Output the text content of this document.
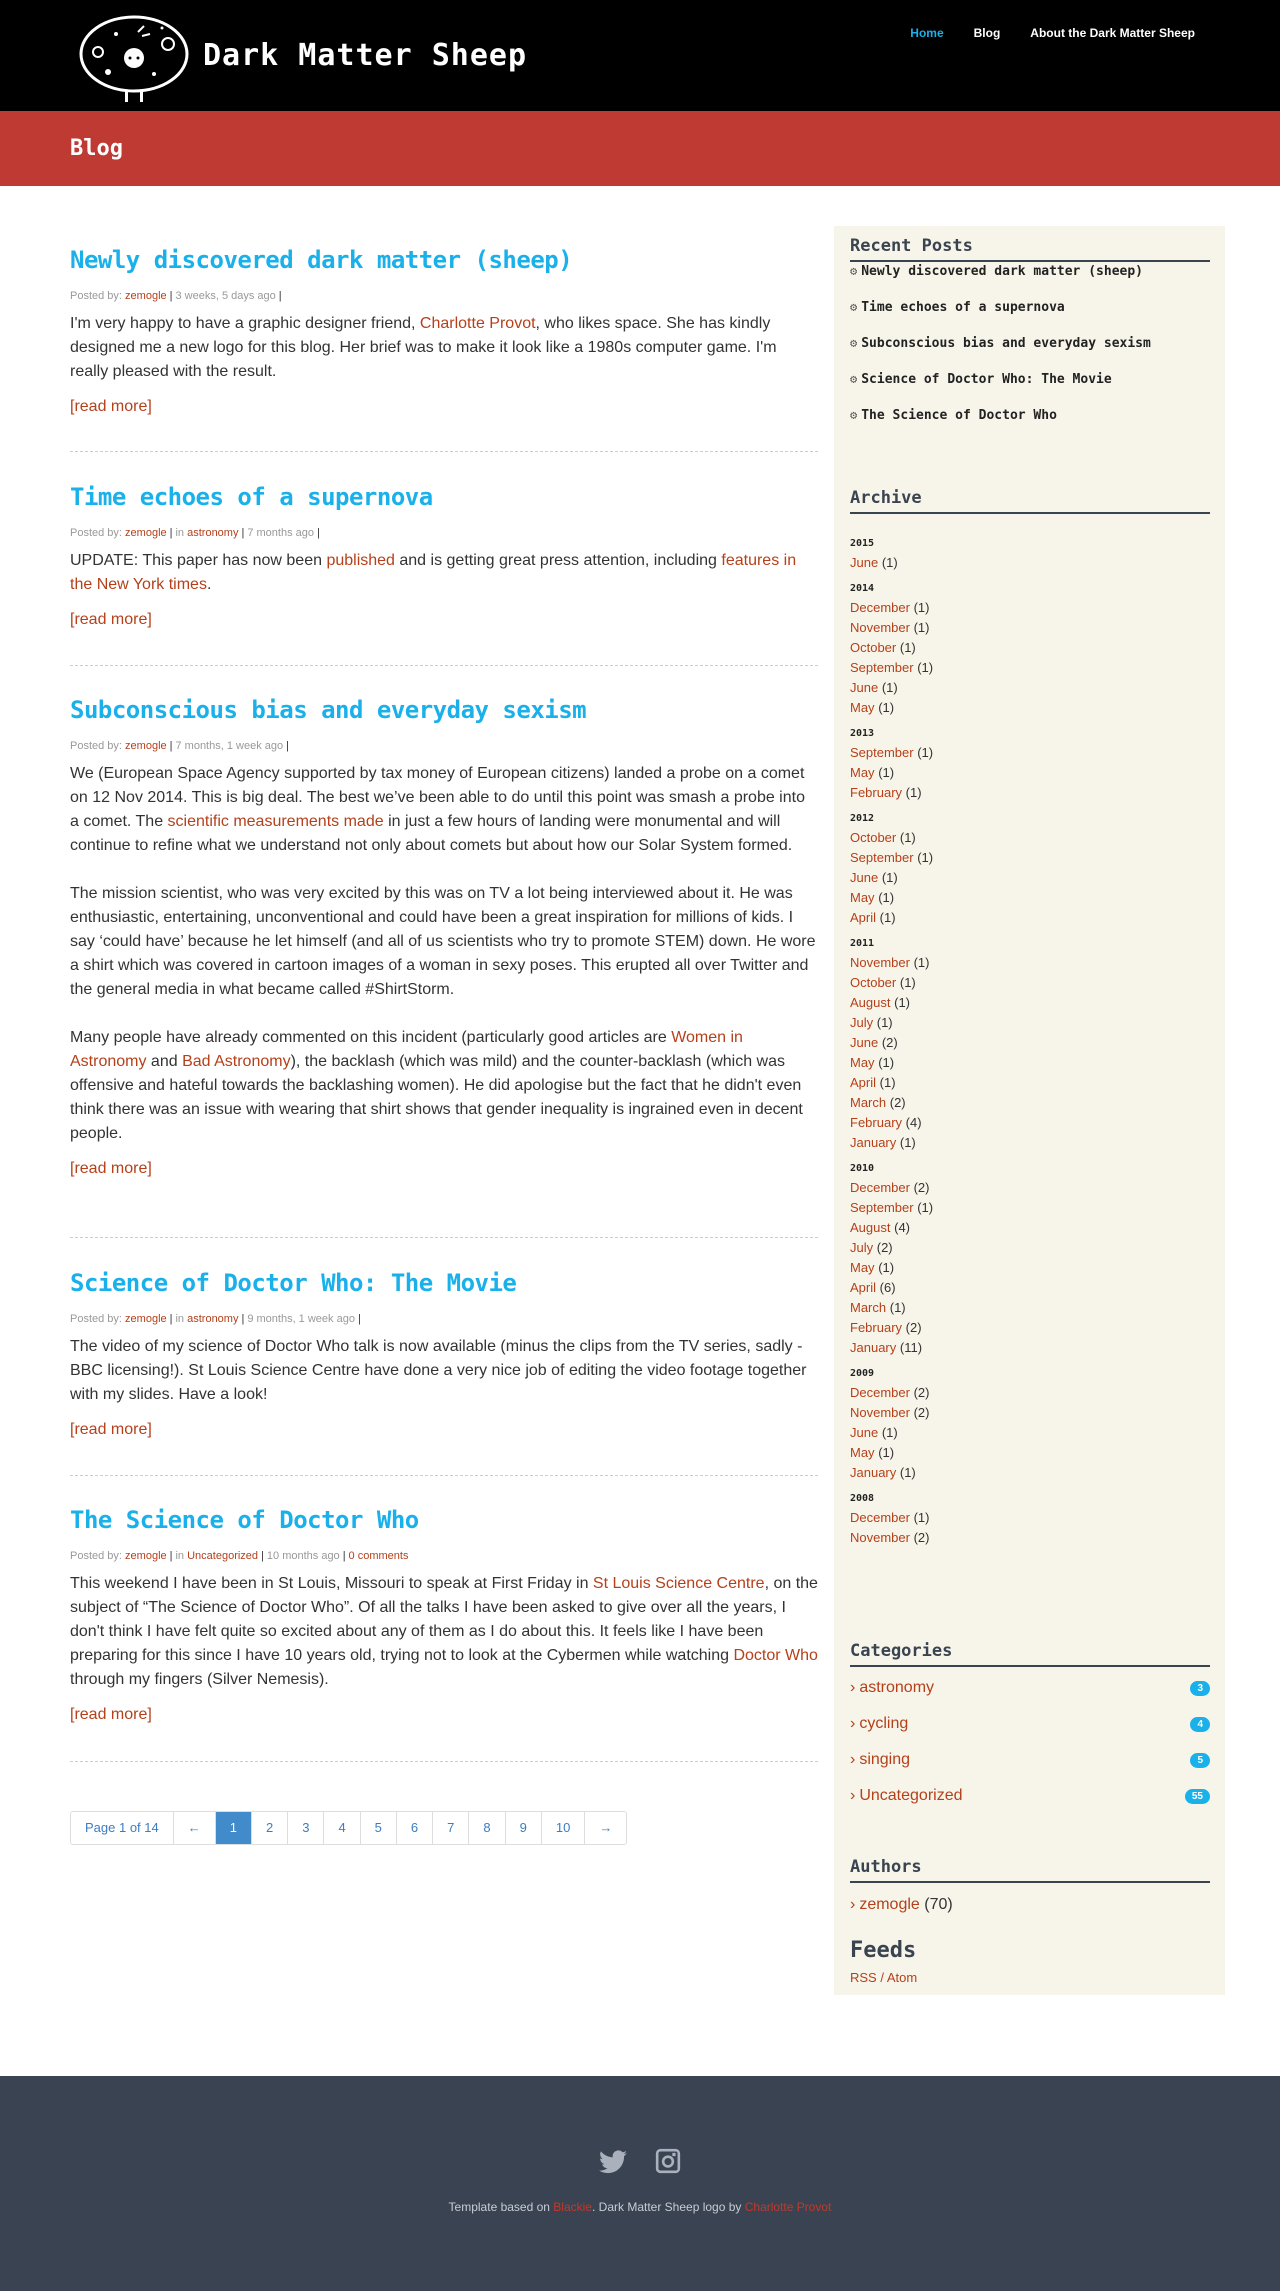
Dark Matter Sheep
Home	Blog	About the Dark Matter Sheep
Blog
Newly discovered dark matter (sheep)
Posted by: zemogle | 3 weeks, 5 days ago |

I'm very happy to have a graphic designer friend, Charlotte Provot, who likes space. She has kindly designed me a new logo for this blog. Her brief was to make it look like a 1980s computer game. I'm really pleased with the result.

[read more]
Time echoes of a supernova
Posted by: zemogle | in astronomy | 7 months ago |

UPDATE: This paper has now been published and is getting great press attention, including features in the New York times.

[read more]
Subconscious bias and everyday sexism
Posted by: zemogle | 7 months, 1 week ago |

We (European Space Agency supported by tax money of European citizens) landed a probe on a comet on 12 Nov 2014. This is big deal. The best we’ve been able to do until this point was smash a probe into a comet. The scientific measurements made in just a few hours of landing were monumental and will continue to refine what we understand not only about comets but about how our Solar System formed.

The mission scientist, who was very excited by this was on TV a lot being interviewed about it. He was enthusiastic, entertaining, unconventional and could have been a great inspiration for millions of kids. I say ‘could have’ because he let himself (and all of us scientists who try to promote STEM) down. He wore a shirt which was covered in cartoon images of a woman in sexy poses. This erupted all over Twitter and the general media in what became called #ShirtStorm.

Many people have already commented on this incident (particularly good articles are Women in Astronomy and Bad Astronomy), the backlash (which was mild) and the counter-backlash (which was offensive and hateful towards the backlashing women). He did apologise but the fact that he didn't even think there was an issue with wearing that shirt shows that gender inequality is ingrained even in decent people.

[read more]
Science of Doctor Who: The Movie
Posted by: zemogle | in astronomy | 9 months, 1 week ago |

The video of my science of Doctor Who talk is now available (minus the clips from the TV series, sadly - BBC licensing!). St Louis Science Centre have done a very nice job of editing the video footage together with my slides. Have a look!

[read more]
The Science of Doctor Who
Posted by: zemogle | in Uncategorized | 10 months ago | 0 comments

This weekend I have been in St Louis, Missouri to speak at First Friday in St Louis Science Centre, on the subject of “The Science of Doctor Who”. Of all the talks I have been asked to give over all the years, I don't think I have felt quite so excited about any of them as I do about this. It feels like I have been preparing for this since I have 10 years old, trying not to look at the Cybermen while watching Doctor Who through my fingers (Silver Nemesis).

[read more]
Page 1 of 14	←	1	2	3	4	5	6	7	8	9	10	→
Recent Posts
⚙ Newly discovered dark matter (sheep)
⚙ Time echoes of a supernova
⚙ Subconscious bias and everyday sexism
⚙ Science of Doctor Who: The Movie
⚙ The Science of Doctor Who
Archive
2015
June (1)
2014
December (1)
November (1)
October (1)
September (1)
June (1)
May (1)
2013
September (1)
May (1)
February (1)
2012
October (1)
September (1)
June (1)
May (1)
April (1)
2011
November (1)
October (1)
August (1)
July (1)
June (2)
May (1)
April (1)
March (2)
February (4)
January (1)
2010
December (2)
September (1)
August (4)
July (2)
May (1)
April (6)
March (1)
February (2)
January (11)
2009
December (2)
November (2)
June (1)
May (1)
January (1)
2008
December (1)
November (2)
Categories
› astronomy	3
› cycling	4
› singing	5
› Uncategorized	55
Authors
› zemogle (70)
Feeds
RSS / Atom

Template based on Blackie. Dark Matter Sheep logo by Charlotte Provot
